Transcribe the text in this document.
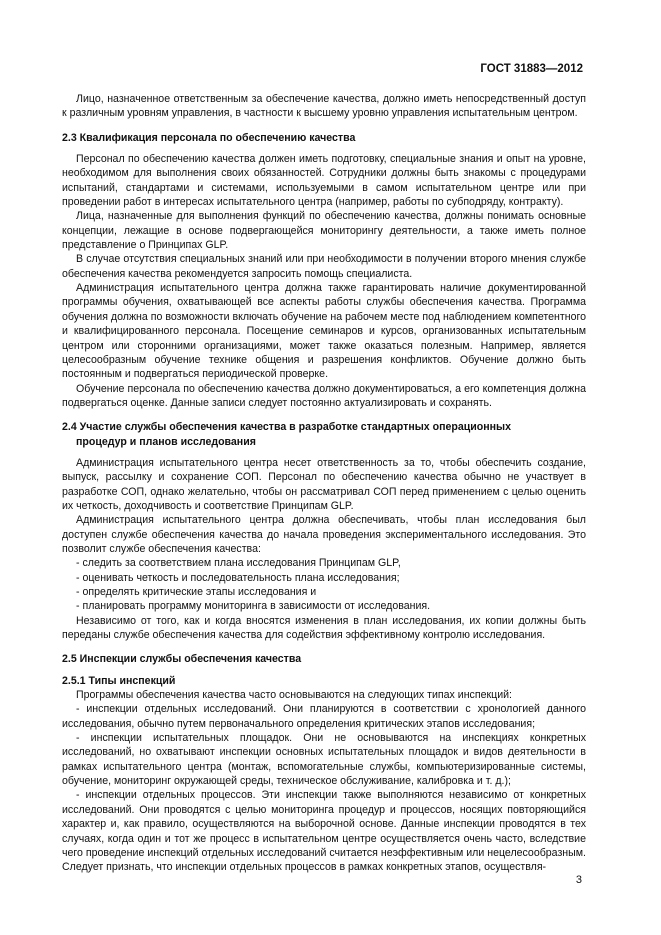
ГОСТ 31883—2012

Лицо, назначенное ответственным за обеспечение качества, должно иметь непосредственный доступ к различным уровням управления, в частности к высшему уровню управления испытательным центром.

2.3 Квалификация персонала по обеспечению качества

Персонал по обеспечению качества должен иметь подготовку, специальные знания и опыт на уровне, необходимом для выполнения своих обязанностей. Сотрудники должны быть знакомы с процедурами испытаний, стандартами и системами, используемыми в самом испытательном центре или при проведении работ в интересах испытательного центра (например, работы по субподряду, контракту).

Лица, назначенные для выполнения функций по обеспечению качества, должны понимать основные концепции, лежащие в основе подвергающейся мониторингу деятельности, а также иметь полное представление о Принципах GLP.

В случае отсутствия специальных знаний или при необходимости в получении второго мнения службе обеспечения качества рекомендуется запросить помощь специалиста.

Администрация испытательного центра должна также гарантировать наличие документированной программы обучения, охватывающей все аспекты работы службы обеспечения качества. Программа обучения должна по возможности включать обучение на рабочем месте под наблюдением компетентного и квалифицированного персонала. Посещение семинаров и курсов, организованных испытательным центром или сторонними организациями, может также оказаться полезным. Например, является целесообразным обучение технике общения и разрешения конфликтов. Обучение должно быть постоянным и подвергаться периодической проверке.

Обучение персонала по обеспечению качества должно документироваться, а его компетенция должна подвергаться оценке. Данные записи следует постоянно актуализировать и сохранять.

2.4 Участие службы обеспечения качества в разработке стандартных операционных
процедур и планов исследования

Администрация испытательного центра несет ответственность за то, чтобы обеспечить создание, выпуск, рассылку и сохранение СОП. Персонал по обеспечению качества обычно не участвует в разработке СОП, однако желательно, чтобы он рассматривал СОП перед применением с целью оценить их четкость, доходчивость и соответствие Принципам GLP.

Администрация испытательного центра должна обеспечивать, чтобы план исследования был доступен службе обеспечения качества до начала проведения экспериментального исследования. Это позволит службе обеспечения качества:

- следить за соответствием плана исследования Принципам GLP,

- оценивать четкость и последовательность плана исследования;

- определять критические этапы исследования и

- планировать программу мониторинга в зависимости от исследования.

Независимо от того, как и когда вносятся изменения в план исследования, их копии должны быть переданы службе обеспечения качества для содействия эффективному контролю исследования.

2.5 Инспекции службы обеспечения качества
2.5.1 Типы инспекций

Программы обеспечения качества часто основываются на следующих типах инспекций:

- инспекции отдельных исследований. Они планируются в соответствии с хронологией данного исследования, обычно путем первоначального определения критических этапов исследования;

- инспекции испытательных площадок. Они не основываются на инспекциях конкретных исследований, но охватывают инспекции основных испытательных площадок и видов деятельности в рамках испытательного центра (монтаж, вспомогательные службы, компьютеризированные системы, обучение, мониторинг окружающей среды, техническое обслуживание, калибровка и т. д.);

- инспекции отдельных процессов. Эти инспекции также выполняются независимо от конкретных исследований. Они проводятся с целью мониторинга процедур и процессов, носящих повторяющийся характер и, как правило, осуществляются на выборочной основе. Данные инспекции проводятся в тех случаях, когда один и тот же процесс в испытательном центре осуществляется очень часто, вследствие чего проведение инспекций отдельных исследований считается неэффективным или нецелесообразным. Следует признать, что инспекции отдельных процессов в рамках конкретных этапов, осуществля-

3
